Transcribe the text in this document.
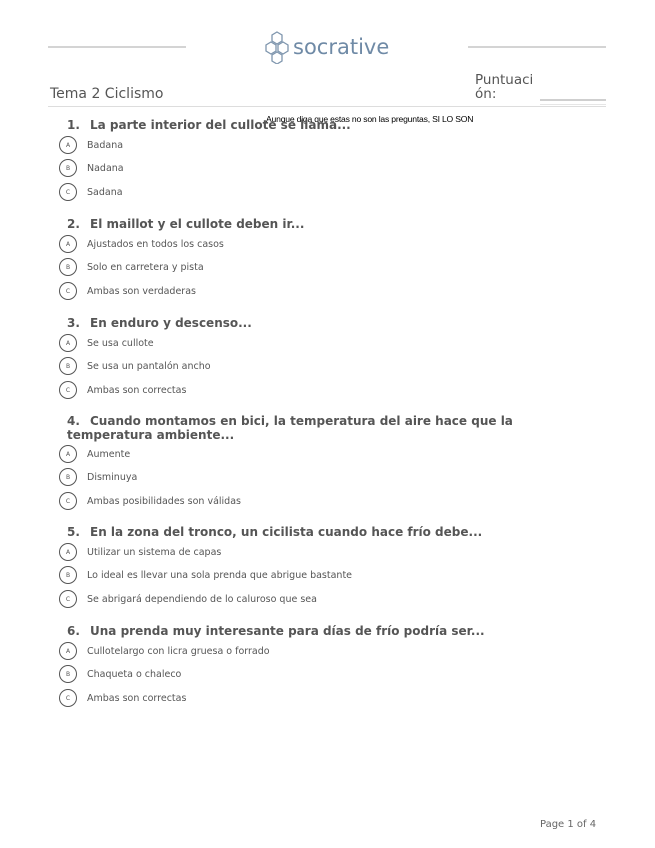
socrative
Tema 2 Ciclismo
Puntuación:
Aunque diga que estas no son las preguntas, SI LO SON
1. La parte interior del cullote se llama...
A	Badana
B	Nadana
C	Sadana
2. El maillot y el cullote deben ir...
A	Ajustados en todos los casos
B	Solo en carretera y pista
C	Ambas son verdaderas
3. En enduro y descenso...
A	Se usa cullote
B	Se usa un pantalón ancho
C	Ambas son correctas
4. Cuando montamos en bici, la temperatura del aire hace que la temperatura ambiente...
A	Aumente
B	Disminuya
C	Ambas posibilidades son válidas
5. En la zona del tronco, un cicilista cuando hace frío debe...
A	Utilizar un sistema de capas
B	Lo ideal es llevar una sola prenda que abrigue bastante
C	Se abrigará dependiendo de lo caluroso que sea
6. Una prenda muy interesante para días de frío podría ser...
A	Cullotelargo con licra gruesa o forrado
B	Chaqueta o chaleco
C	Ambas son correctas
Page 1 of 4
